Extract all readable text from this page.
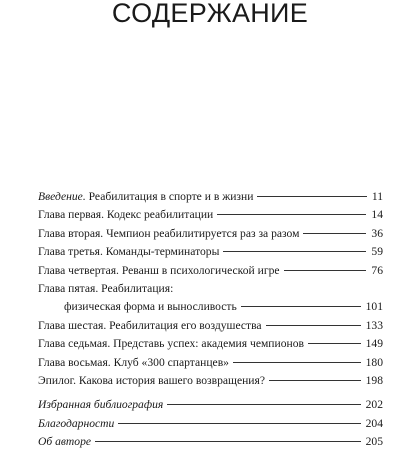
СОДЕРЖАНИЕ
Введение. Реабилитация в спорте и в жизни	11
Глава первая. Кодекс реабилитации	14
Глава вторая. Чемпион реабилитируется раз за разом	36
Глава третья. Команды-терминаторы	59
Глава четвертая. Реванш в психологической игре	76
Глава пятая. Реабилитация:
физическая форма и выносливость	101
Глава шестая. Реабилитация его воздушества	133
Глава седьмая. Представь успех: академия чемпионов	149
Глава восьмая. Клуб «300 спартанцев»	180
Эпилог. Какова история вашего возвращения?	198
Избранная библиография	202
Благодарности	204
Об авторе	205
